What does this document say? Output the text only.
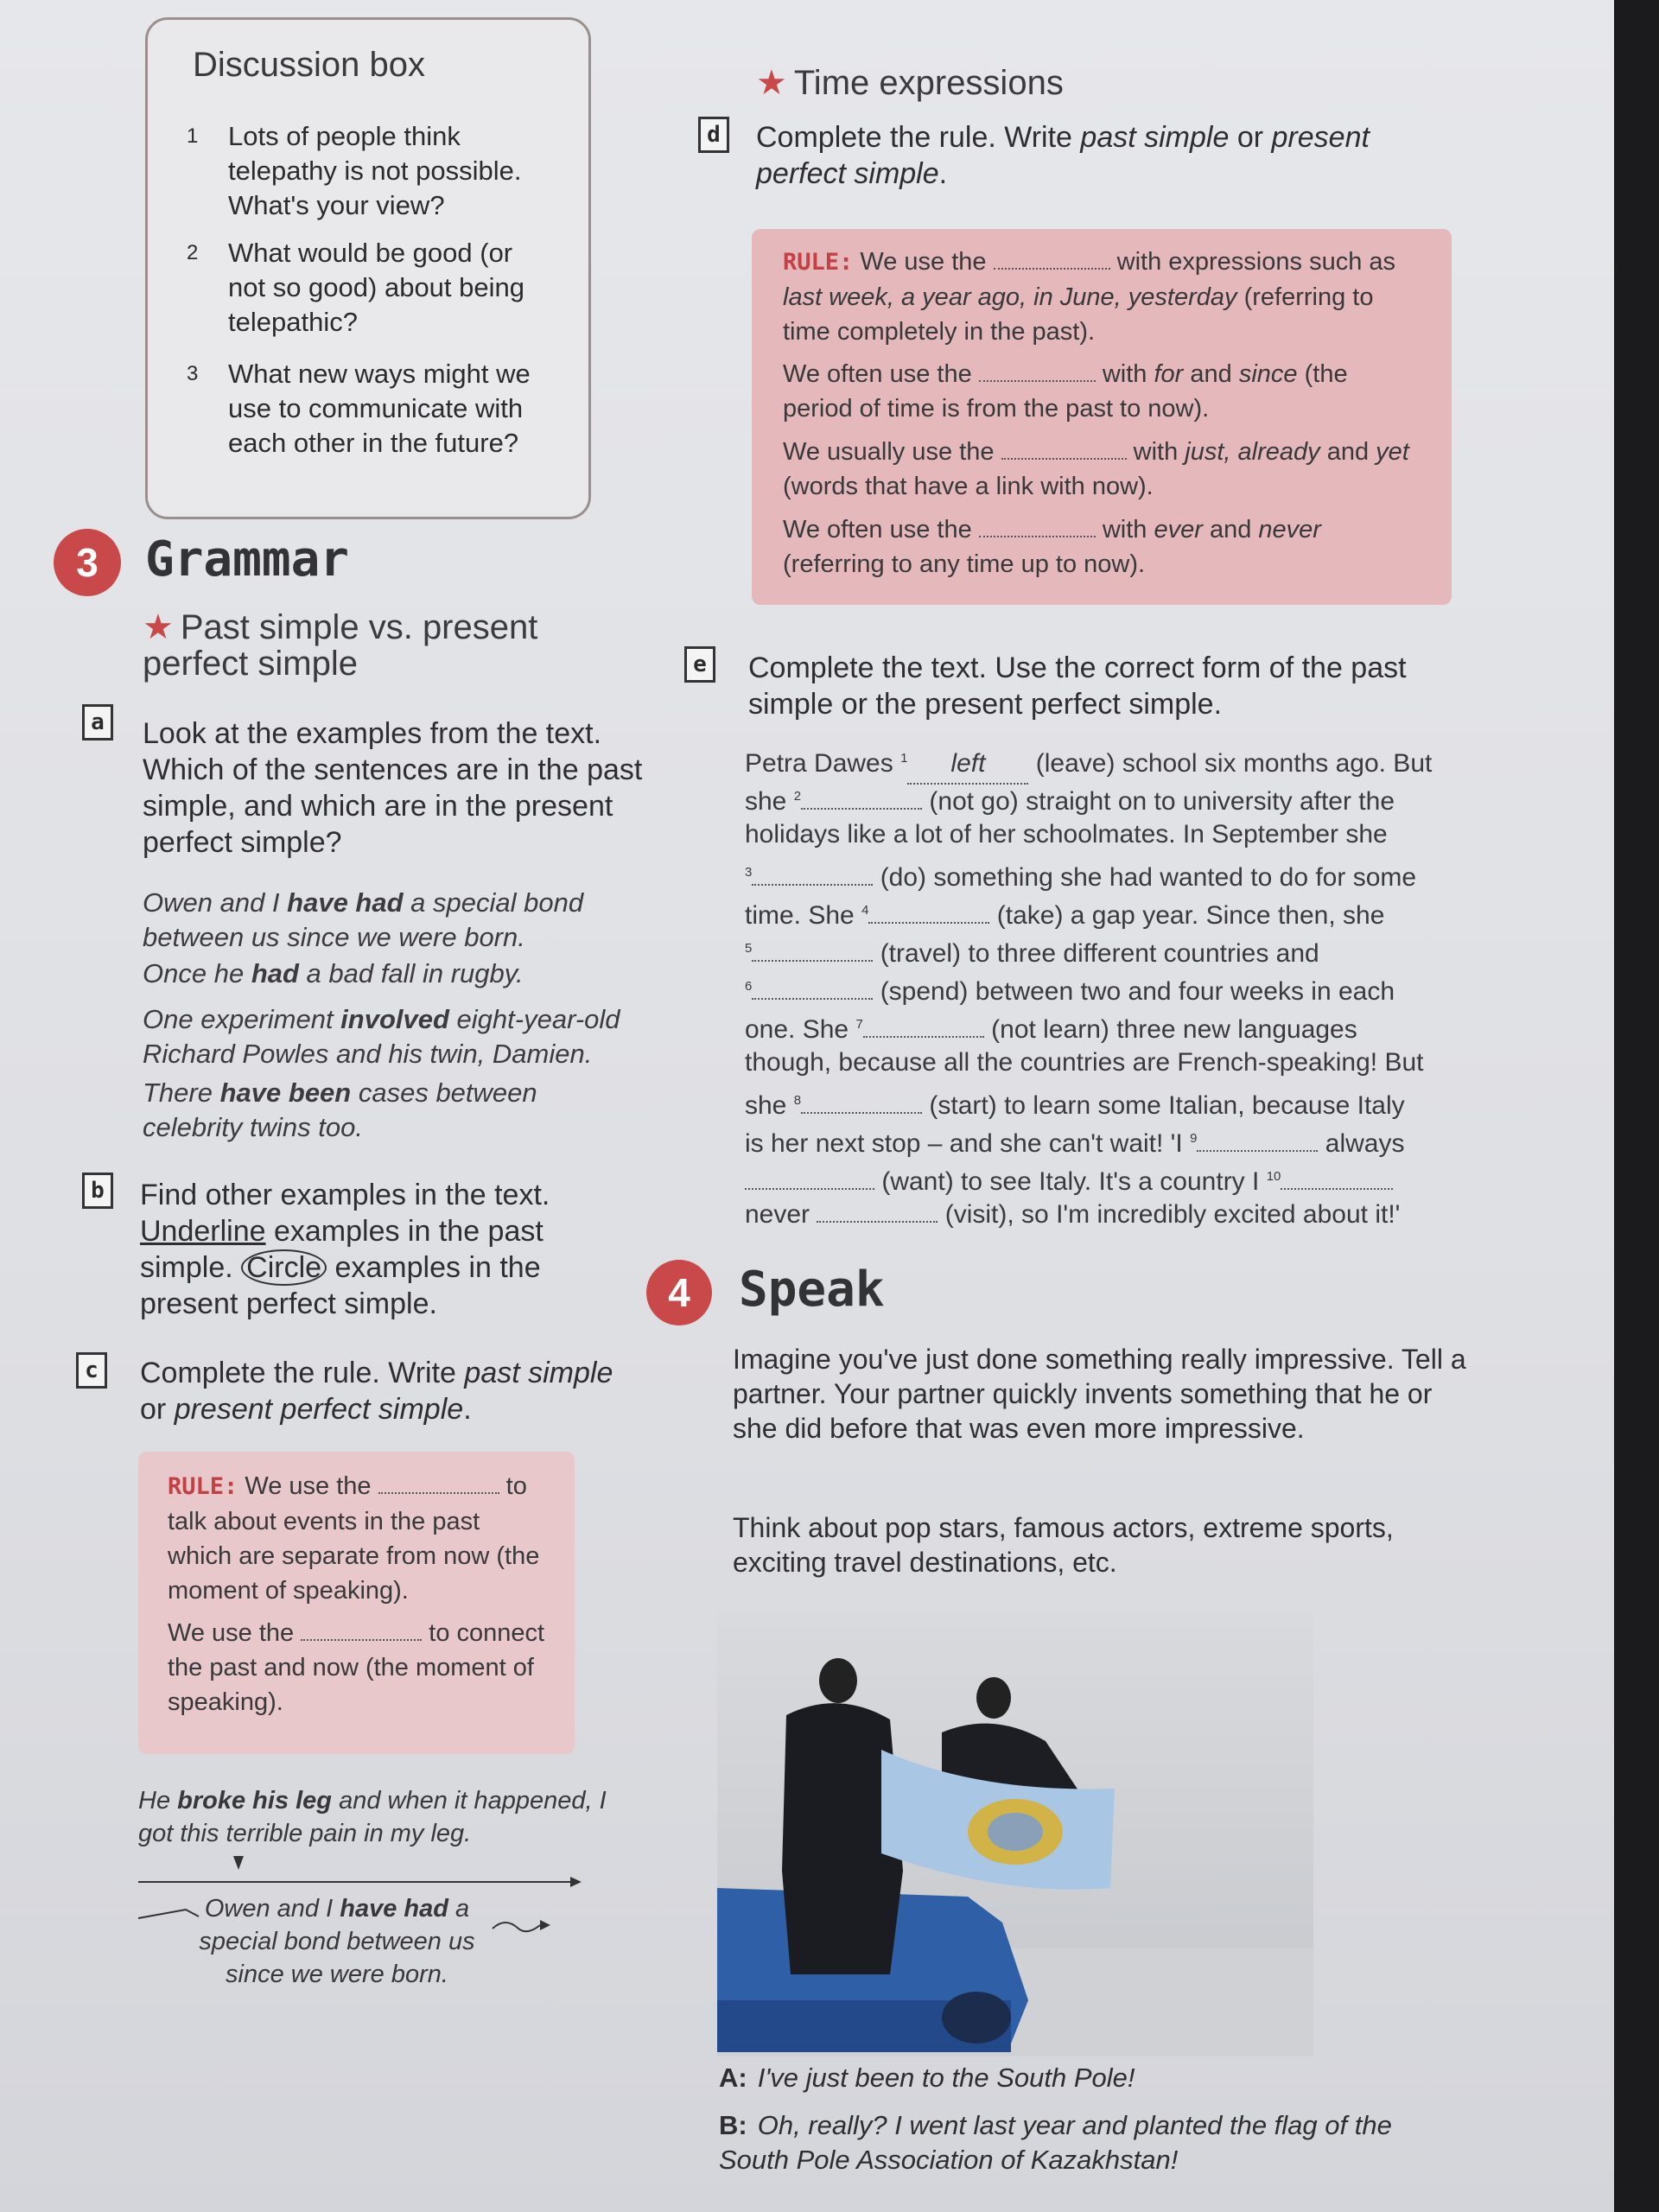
Discussion box
1 Lots of people think telepathy is not possible. What's your view?
2 What would be good (or not so good) about being telepathic?
3 What new ways might we use to communicate with each other in the future?
★ Time expressions
d Complete the rule. Write past simple or present perfect simple.
RULE: We use the	with expressions such as last week, a year ago, in June, yesterday (referring to time completely in the past).
We often use the	with for and since (the period of time is from the past to now).
We usually use the	with just, already and yet (words that have a link with now).
We often use the	with ever and never (referring to any time up to now).
3 Grammar
★ Past simple vs. present perfect simple
a Look at the examples from the text. Which of the sentences are in the past simple, and which are in the present perfect simple?
Owen and I have had a special bond between us since we were born.
Once he had a bad fall in rugby.
One experiment involved eight-year-old Richard Powles and his twin, Damien.
There have been cases between celebrity twins too.
b Find other examples in the text. Underline examples in the past simple. Circle examples in the present perfect simple.
c Complete the rule. Write past simple or present perfect simple.
RULE: We use the	to talk about events in the past which are separate from now (the moment of speaking).
We use the	to connect the past and now (the moment of speaking).
He broke his leg and when it happened, I got this terrible pain in my leg.
Owen and I have had a special bond between us since we were born.
e Complete the text. Use the correct form of the past simple or the present perfect simple.
Petra Dawes $^1$ left (leave) school six months ago. But
she $^2$	(not go) straight on to university after the
holidays like a lot of her schoolmates. In September she
$^3$	(do) something she had wanted to do for some
time. She $^4$	(take) a gap year. Since then, she
$^5$	(travel) to three different countries and
$^6$	(spend) between two and four weeks in each
one. She $^7$	(not learn) three new languages
though, because all the countries are French-speaking! But
she $^8$	(start) to learn some Italian, because Italy
is her next stop – and she can't wait! 'I $^9$	always
(want) to see Italy. It's a country I $^{10}$
never	(visit), so I'm incredibly excited about it!'
4	Speak
Imagine you've just done something really impressive. Tell a partner. Your partner quickly invents something that he or she did before that was even more impressive.
Think about pop stars, famous actors, extreme sports, exciting travel destinations, etc.
A: I've just been to the South Pole!
B: Oh, really? I went last year and planted the flag of the South Pole Association of Kazakhstan!
